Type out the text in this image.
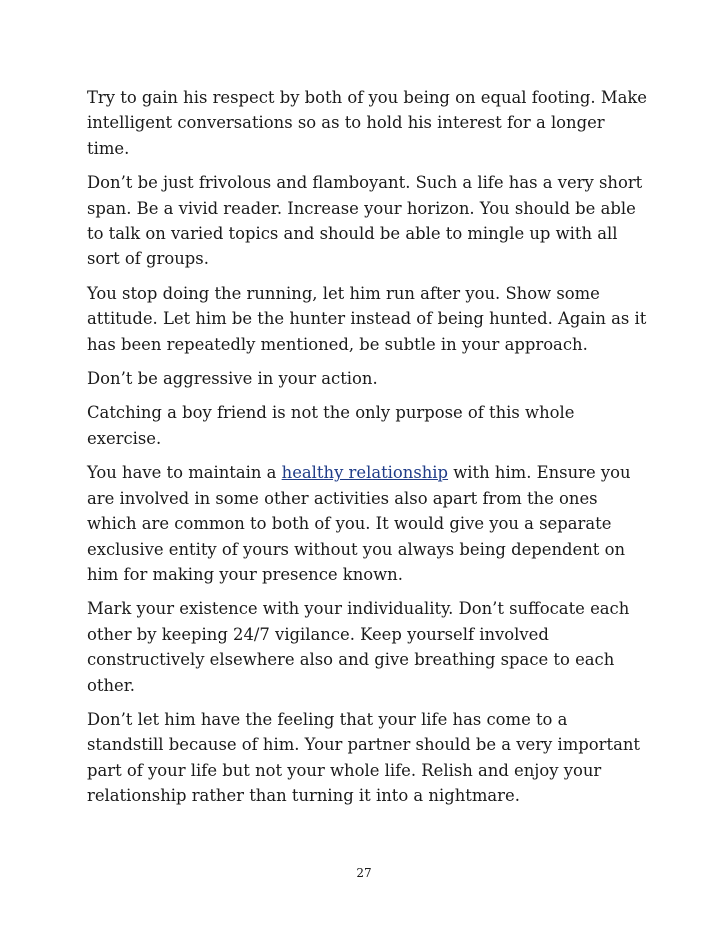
Try to gain his respect by both of you being on equal footing. Make intelligent conversations so as to hold his interest for a longer time.

Don’t be just frivolous and flamboyant. Such a life has a very short span. Be a vivid reader. Increase your horizon. You should be able to talk on varied topics and should be able to mingle up with all sort of groups.

You stop doing the running, let him run after you. Show some attitude. Let him be the hunter instead of being hunted. Again as it has been repeatedly mentioned, be subtle in your approach.

Don’t be aggressive in your action.

Catching a boy friend is not the only purpose of this whole exercise.

You have to maintain a healthy relationship with him. Ensure you are involved in some other activities also apart from the ones which are common to both of you. It would give you a separate exclusive entity of yours without you always being dependent on him for making your presence known.

Mark your existence with your individuality. Don’t suffocate each other by keeping 24/7 vigilance. Keep yourself involved constructively elsewhere also and give breathing space to each other.

Don’t let him have the feeling that your life has come to a standstill because of him. Your partner should be a very important part of your life but not your whole life. Relish and enjoy your relationship rather than turning it into a nightmare.

27
